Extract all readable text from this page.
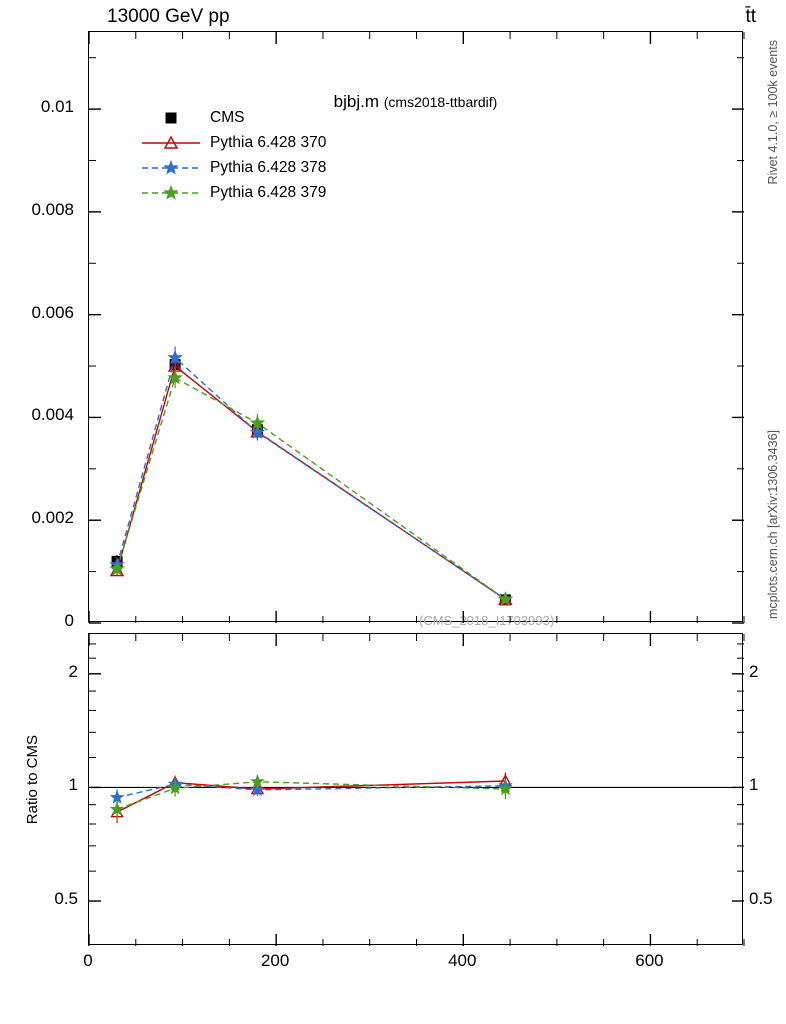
13000 GeV pp	t̄t
Rivet 4.1.0, ≥ 100k events
mcplots.cern.ch [arXiv:1306.3436]
bjbj.m (cms2018-ttbardif)
(CMS_2018_I1703993)
Ratio to CMS
CMS
Pythia 6.428 370
Pythia 6.428 378
Pythia 6.428 379
0
0.002
0.004
0.006
0.008
0.01
0	200	400	600
0.5	0.5
1	1
2	2
